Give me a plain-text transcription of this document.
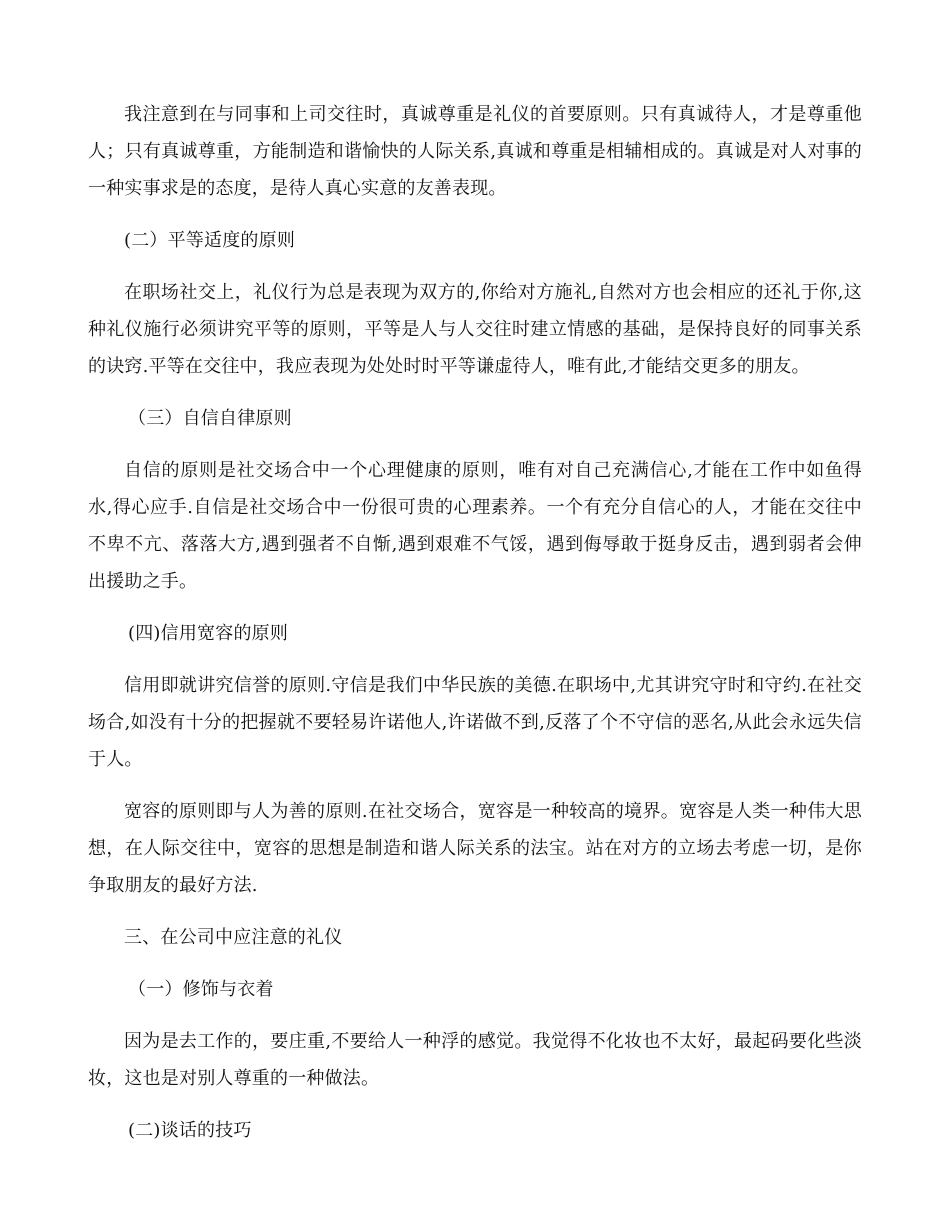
我注意到在与同事和上司交往时，真诚尊重是礼仪的首要原则。只有真诚待人，才是尊重他人；只有真诚尊重，方能制造和谐愉快的人际关系,真诚和尊重是相辅相成的。真诚是对人对事的一种实事求是的态度，是待人真心实意的友善表现。

(二）平等适度的原则

在职场社交上，礼仪行为总是表现为双方的,你给对方施礼,自然对方也会相应的还礼于你,这种礼仪施行必须讲究平等的原则，平等是人与人交往时建立情感的基础，是保持良好的同事关系的诀窍.平等在交往中，我应表现为处处时时平等谦虚待人，唯有此,才能结交更多的朋友。

（三）自信自律原则

自信的原则是社交场合中一个心理健康的原则，唯有对自己充满信心,才能在工作中如鱼得水,得心应手.自信是社交场合中一份很可贵的心理素养。一个有充分自信心的人，才能在交往中不卑不亢、落落大方,遇到强者不自惭,遇到艰难不气馁，遇到侮辱敢于挺身反击，遇到弱者会伸出援助之手。

(四)信用宽容的原则

信用即就讲究信誉的原则.守信是我们中华民族的美德.在职场中,尤其讲究守时和守约.在社交场合,如没有十分的把握就不要轻易许诺他人,许诺做不到,反落了个不守信的恶名,从此会永远失信于人。

宽容的原则即与人为善的原则.在社交场合，宽容是一种较高的境界。宽容是人类一种伟大思想，在人际交往中，宽容的思想是制造和谐人际关系的法宝。站在对方的立场去考虑一切，是你争取朋友的最好方法.

三、在公司中应注意的礼仪

（一）修饰与衣着

因为是去工作的，要庄重,不要给人一种浮的感觉。我觉得不化妆也不太好，最起码要化些淡妆，这也是对别人尊重的一种做法。

(二)谈话的技巧
